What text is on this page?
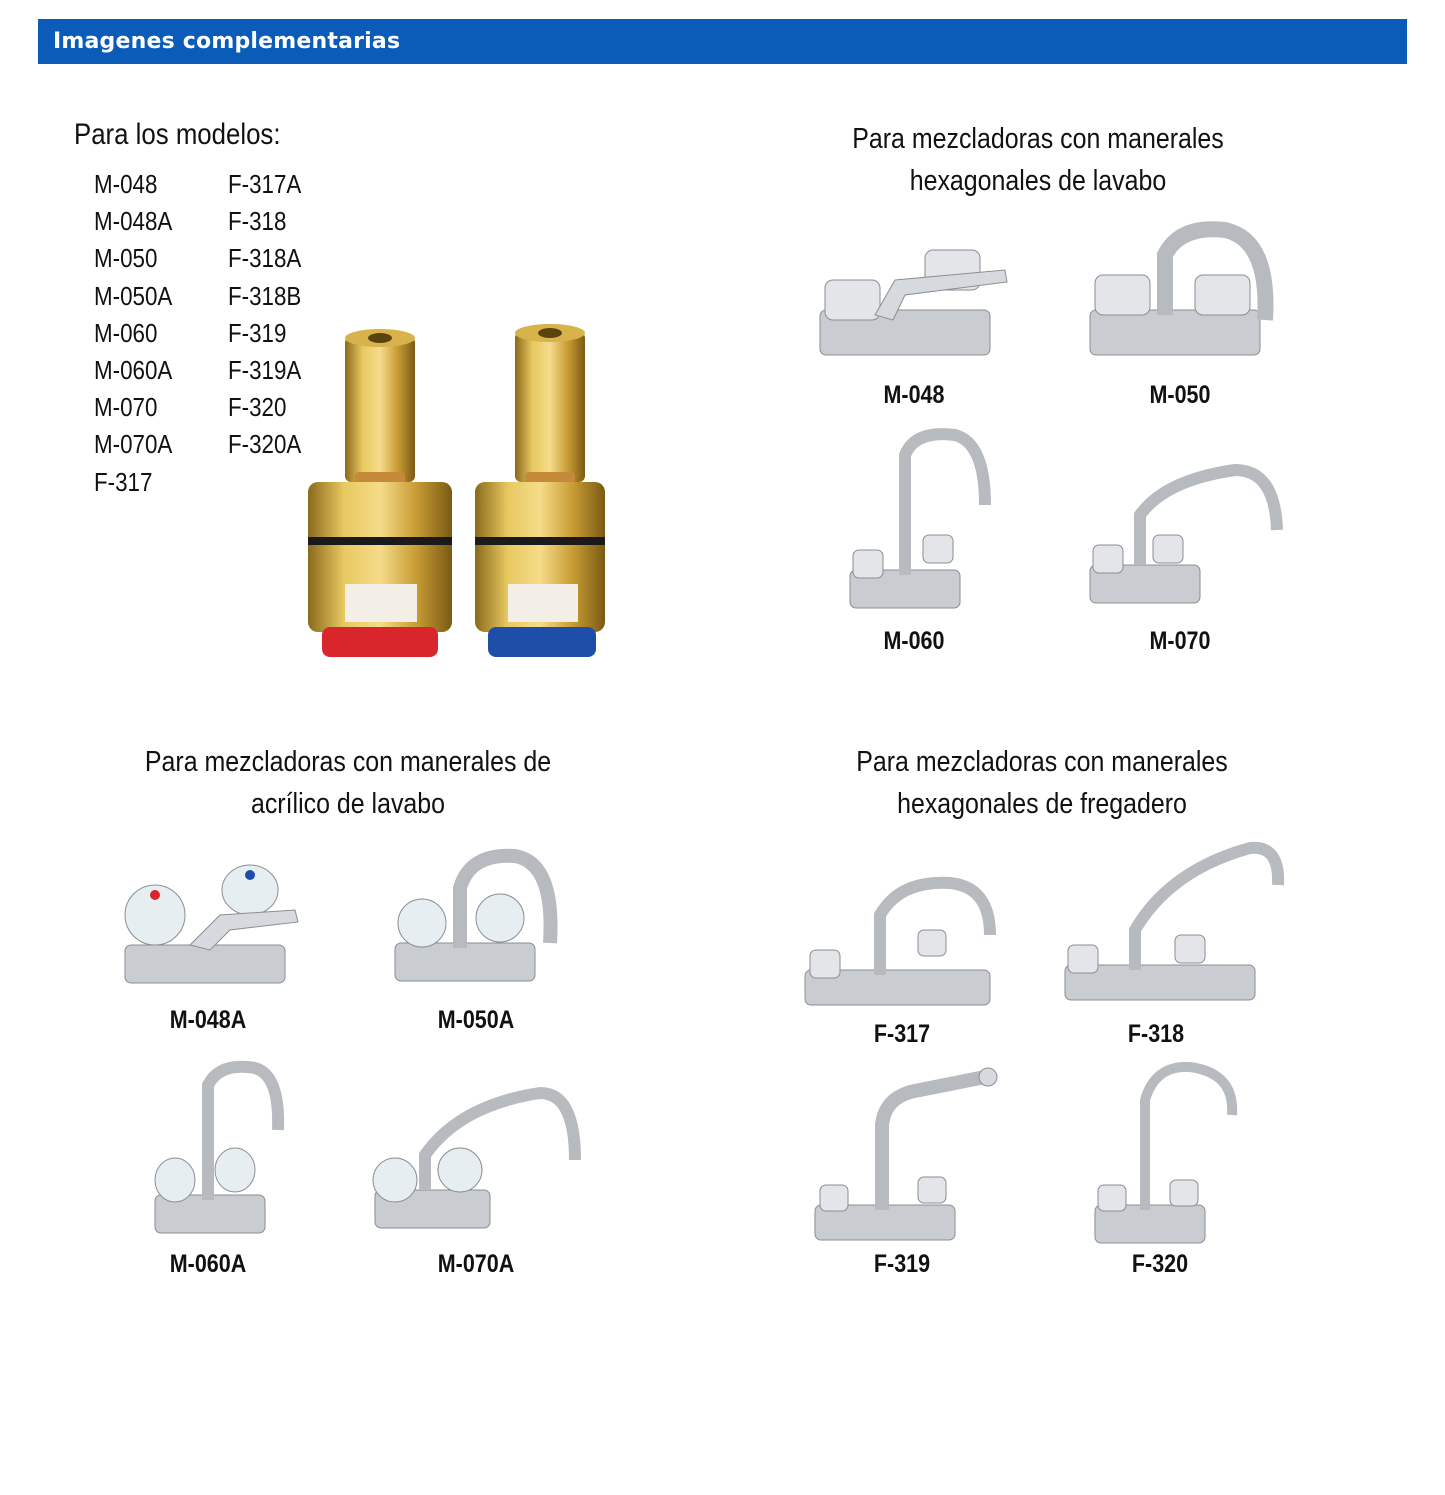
Imagenes complementarias
Para los modelos:
M-048
M-048A
M-050
M-050A
M-060
M-060A
M-070
M-070A
F-317
F-317A
F-318
F-318A
F-318B
F-319
F-319A
F-320
F-320A
Para mezcladoras con manerales
hexagonales de lavabo
Para mezcladoras con manerales de
acrílico de lavabo
Para mezcladoras con manerales
hexagonales de fregadero
M-048	M-050
M-060	M-070
M-048A	M-050A
M-060A	M-070A
F-317	F-318
F-319	F-320
